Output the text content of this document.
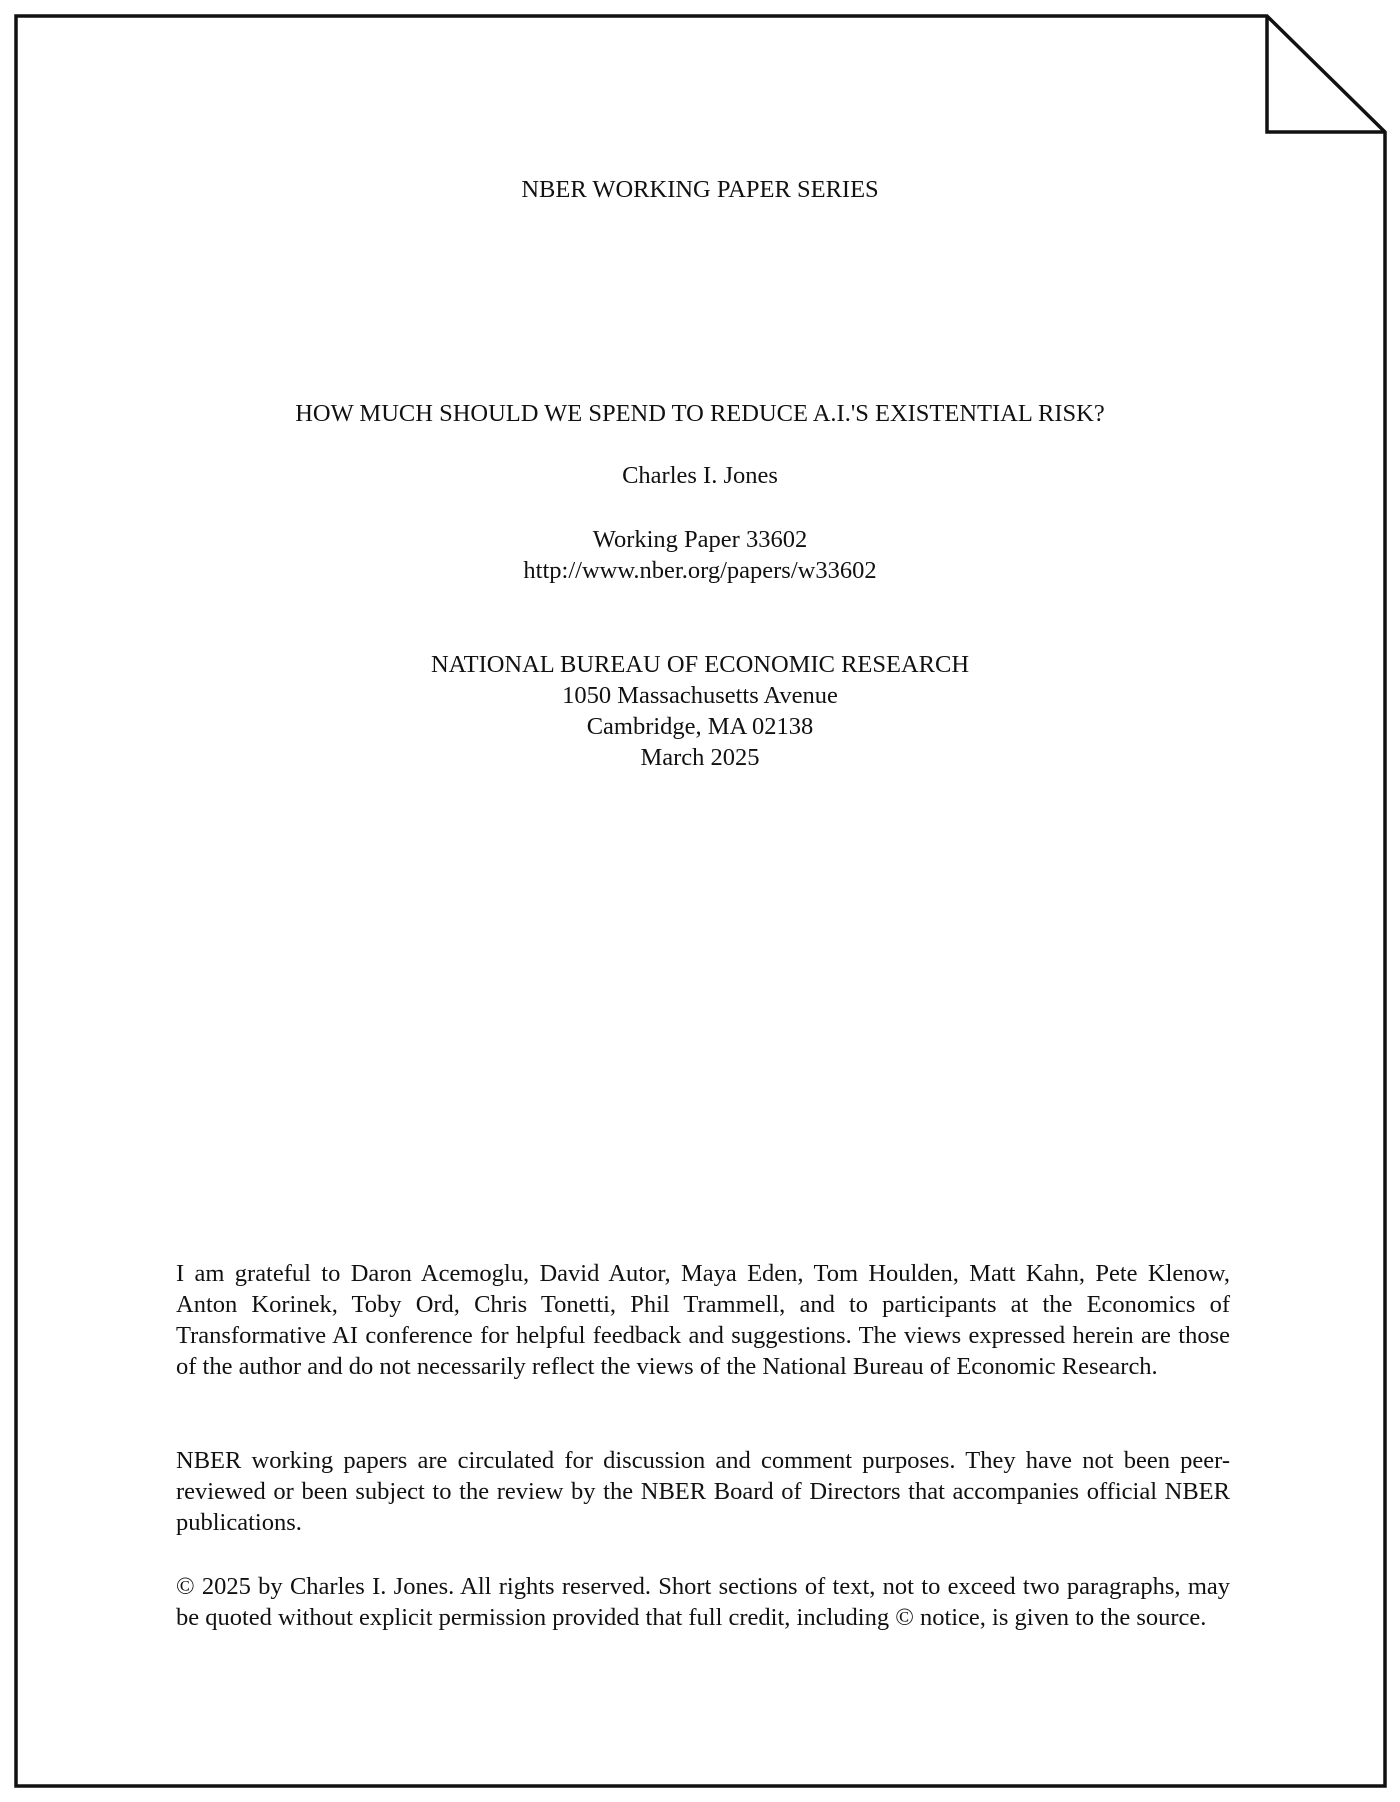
NBER WORKING PAPER SERIES
HOW MUCH SHOULD WE SPEND TO REDUCE A.I.'S EXISTENTIAL RISK?
Charles I. Jones
Working Paper 33602
http://www.nber.org/papers/w33602
NATIONAL BUREAU OF ECONOMIC RESEARCH
1050 Massachusetts Avenue
Cambridge, MA 02138
March 2025

I am grateful to Daron Acemoglu, David Autor, Maya Eden, Tom Houlden, Matt Kahn, Pete Klenow, Anton Korinek, Toby Ord, Chris Tonetti, Phil Trammell, and to participants at the Economics of Transformative AI conference for helpful feedback and suggestions. The views expressed herein are those of the author and do not necessarily reflect the views of the National Bureau of Economic Research.

NBER working papers are circulated for discussion and comment purposes. They have not been peer-reviewed or been subject to the review by the NBER Board of Directors that accompanies official NBER publications.

© 2025 by Charles I. Jones. All rights reserved. Short sections of text, not to exceed two paragraphs, may be quoted without explicit permission provided that full credit, including © notice, is given to the source.
